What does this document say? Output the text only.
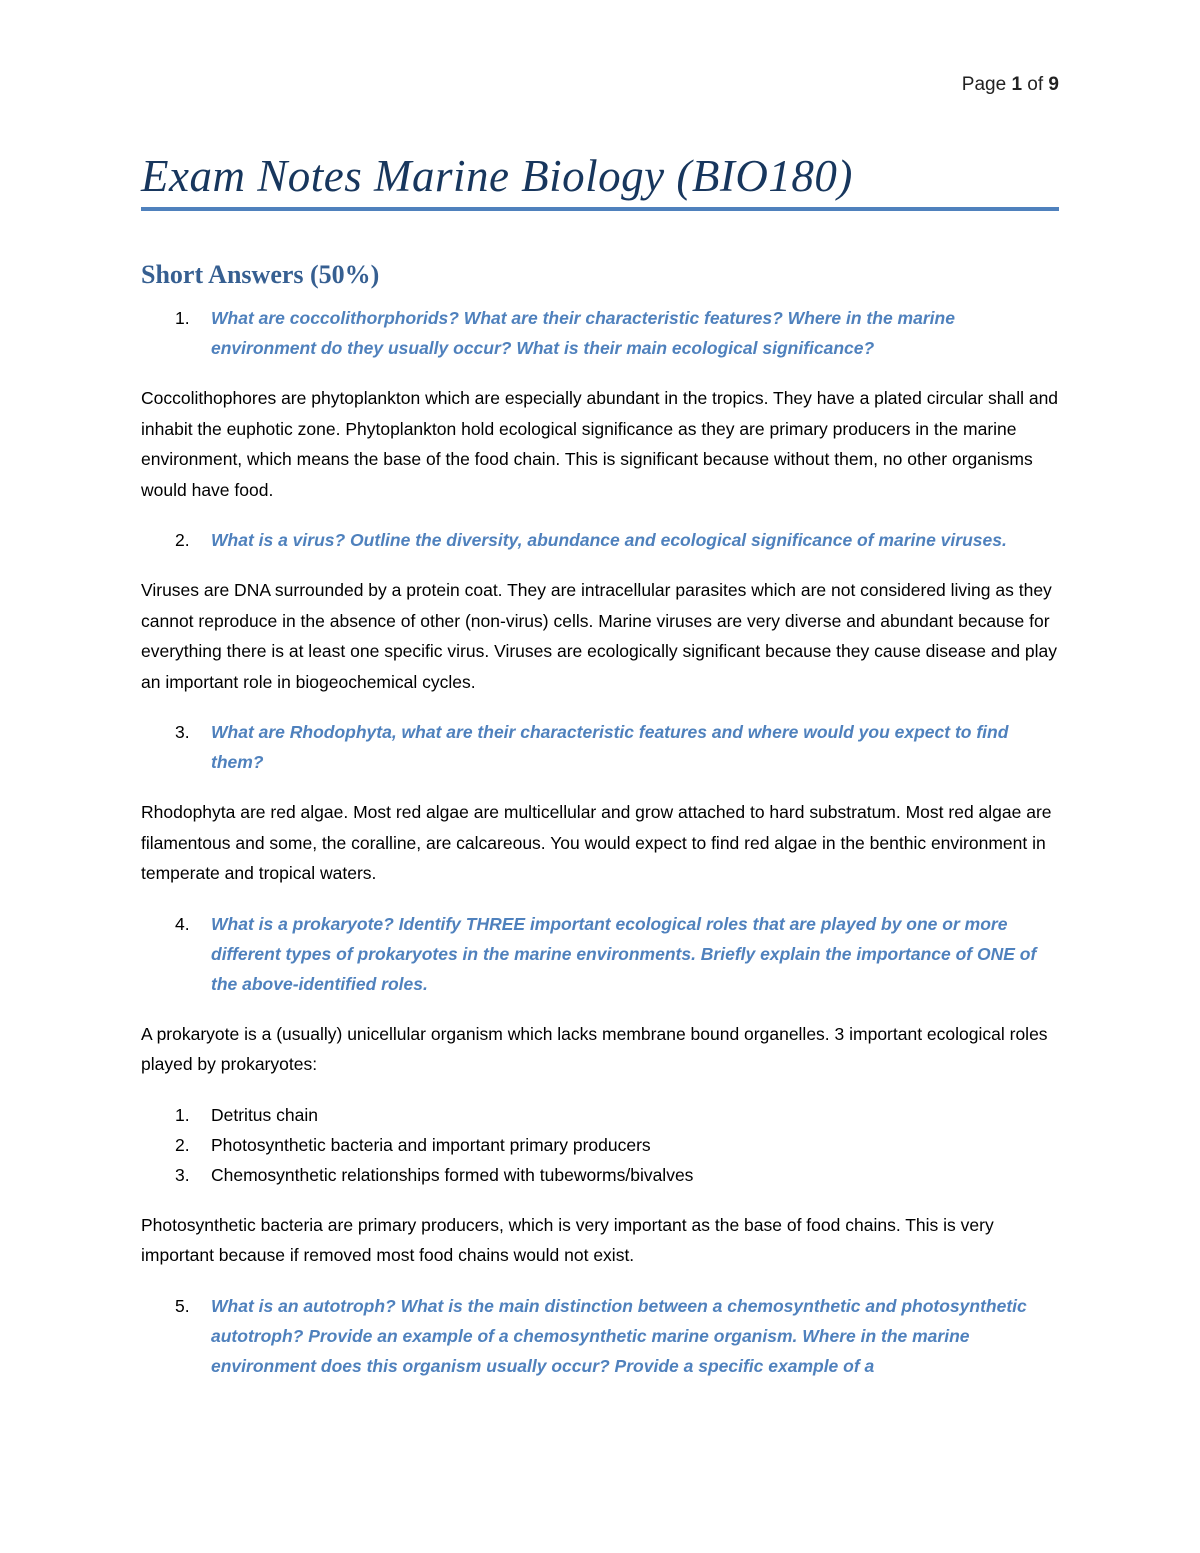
Page 1 of 9
Exam Notes Marine Biology (BIO180)
Short Answers (50%)
1.	What are coccolithorphorids? What are their characteristic features? Where in the marine environment do they usually occur? What is their main ecological significance?
Coccolithophores are phytoplankton which are especially abundant in the tropics. They have a plated circular shall and inhabit the euphotic zone. Phytoplankton hold ecological significance as they are primary producers in the marine environment, which means the base of the food chain. This is significant because without them, no other organisms would have food.
2.	What is a virus? Outline the diversity, abundance and ecological significance of marine viruses.
Viruses are DNA surrounded by a protein coat. They are intracellular parasites which are not considered living as they cannot reproduce in the absence of other (non-virus) cells. Marine viruses are very diverse and abundant because for everything there is at least one specific virus. Viruses are ecologically significant because they cause disease and play an important role in biogeochemical cycles.
3.	What are Rhodophyta, what are their characteristic features and where would you expect to find them?
Rhodophyta are red algae. Most red algae are multicellular and grow attached to hard substratum. Most red algae are filamentous and some, the coralline, are calcareous. You would expect to find red algae in the benthic environment in temperate and tropical waters.
4.	What is a prokaryote? Identify THREE important ecological roles that are played by one or more different types of prokaryotes in the marine environments. Briefly explain the importance of ONE of the above-identified roles.
A prokaryote is a (usually) unicellular organism which lacks membrane bound organelles. 3 important ecological roles played by prokaryotes:
1.	Detritus chain
2.	Photosynthetic bacteria and important primary producers
3.	Chemosynthetic relationships formed with tubeworms/bivalves
Photosynthetic bacteria are primary producers, which is very important as the base of food chains. This is very important because if removed most food chains would not exist.
5.	What is an autotroph? What is the main distinction between a chemosynthetic and photosynthetic autotroph? Provide an example of a chemosynthetic marine organism. Where in the marine environment does this organism usually occur? Provide a specific example of a
